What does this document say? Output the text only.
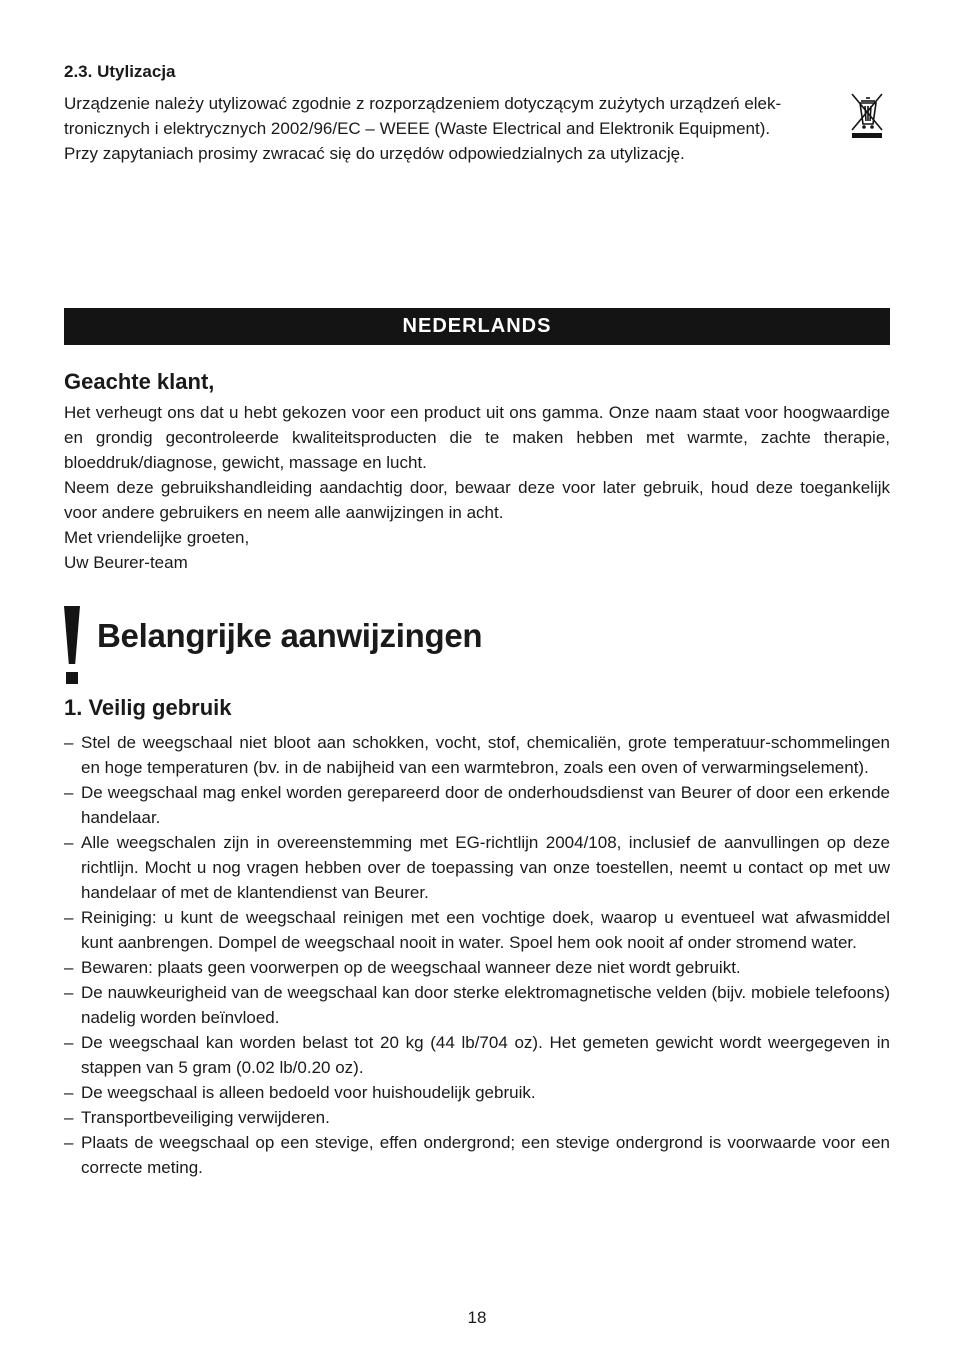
2.3. Utylizacja

Urządzenie należy utylizować zgodnie z rozporządzeniem dotyczącym zużytych urządzeń elek-

tronicznych i elektrycznych 2002/96/EC – WEEE (Waste Electrical and Elektronik Equipment).

Przy zapytaniach prosimy zwracać się do urzędów odpowiedzialnych za utylizację.

NEDERLANDS
Geachte klant,

Het verheugt ons dat u hebt gekozen voor een product uit ons gamma. Onze naam staat voor hoogwaardige en grondig gecontroleerde kwaliteitsproducten die te maken hebben met warmte, zachte therapie, bloeddruk/diagnose, gewicht, massage en lucht.

Neem deze gebruikshandleiding aandachtig door, bewaar deze voor later gebruik, houd deze toegankelijk voor andere gebruikers en neem alle aanwijzingen in acht.

Met vriendelijke groeten,

Uw Beurer-team

Belangrijke aanwijzingen
1. Veilig gebruik
– Stel de weegschaal niet bloot aan schokken, vocht, stof, chemicaliën, grote temperatuur-schommelingen en hoge temperaturen (bv. in de nabijheid van een warmtebron, zoals een oven of verwarmingselement).
– De weegschaal mag enkel worden gerepareerd door de onderhoudsdienst van Beurer of door een erkende handelaar.
– Alle weegschalen zijn in overeenstemming met EG-richtlijn 2004/108, inclusief de aanvullingen op deze richtlijn. Mocht u nog vragen hebben over de toepassing van onze toestellen, neemt u contact op met uw handelaar of met de klantendienst van Beurer.
– Reiniging: u kunt de weegschaal reinigen met een vochtige doek, waarop u eventueel wat afwasmiddel kunt aanbrengen. Dompel de weegschaal nooit in water. Spoel hem ook nooit af onder stromend water.
– Bewaren: plaats geen voorwerpen op de weegschaal wanneer deze niet wordt gebruikt.
– De nauwkeurigheid van de weegschaal kan door sterke elektromagnetische velden (bijv. mobiele telefoons) nadelig worden beïnvloed.
– De weegschaal kan worden belast tot 20 kg (44 lb/704 oz). Het gemeten gewicht wordt weergegeven in stappen van 5 gram (0.02 lb/0.20 oz).
– De weegschaal is alleen bedoeld voor huishoudelijk gebruik.
– Transportbeveiliging verwijderen.
– Plaats de weegschaal op een stevige, effen ondergrond; een stevige ondergrond is voorwaarde voor een correcte meting.
18
